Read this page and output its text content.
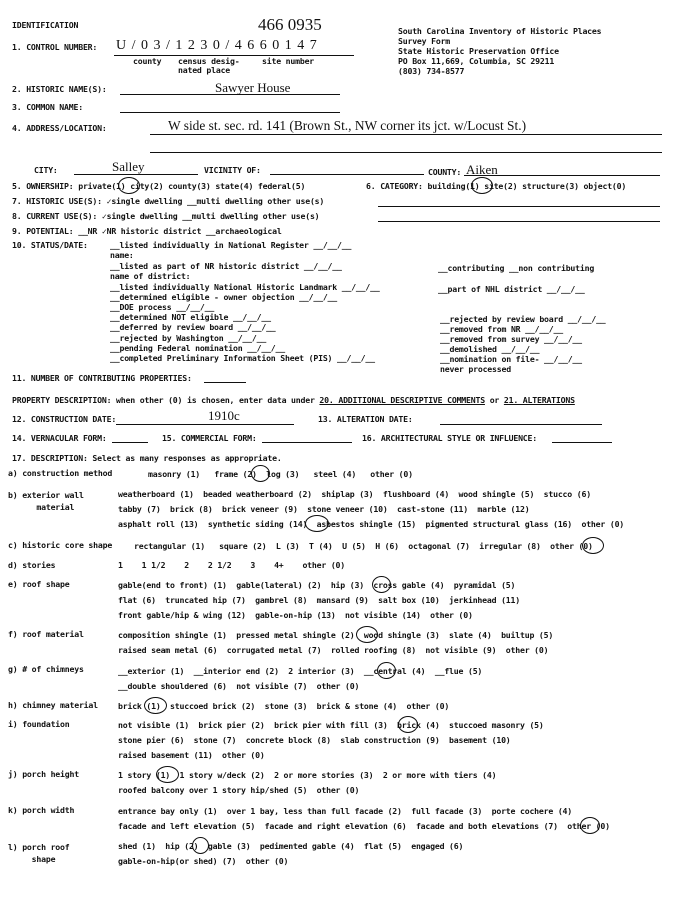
IDENTIFICATION	466 0935
1. CONTROL NUMBER: U / 0 3 / 1 2 3 0 / 4 6 6 0 1 4 7
county census desig-
nated place
site number
South Carolina Inventory of Historic Places
Survey Form
State Historic Preservation Office
PO Box 11,669, Columbia, SC 29211
(803) 734-8577
2. HISTORIC NAME(S):	Sawyer House
3. COMMON NAME:
4. ADDRESS/LOCATION:	W side st. sec. rd. 141 (Brown St., NW corner its jct. w/Locust St.)
CITY:	Salley	VICINITY OF:	COUNTY: Aiken
5. OWNERSHIP: private(1) city(2) county(3) state(4) federal(5)	6. CATEGORY: building(1) site(2) structure(3) object(0)
7. HISTORIC USE(S): ✓single dwelling __multi dwelling other use(s)
8. CURRENT USE(S): ✓single dwelling __multi dwelling other use(s)
9. POTENTIAL: __NR ✓NR historic district __archaeological
10. STATUS/DATE:	__listed individually in National Register __/__/__
name:
__listed as part of NR historic district __/__/__
name of district:
__listed individually National Historic Landmark __/__/__
__determined eligible - owner objection __/__/__
__DOE process __/__/__
__determined NOT eligible __/__/__
__deferred by review board __/__/__
__rejected by Washington __/__/__
__pending Federal nomination __/__/__
__completed Preliminary Information Sheet (PIS) __/__/__
__contributing __non contributing
__part of NHL district __/__/__
__rejected by review board __/__/__
__removed from NR __/__/__
__removed from survey __/__/__
__demolished __/__/__
__nomination on file- __/__/__
never processed
11. NUMBER OF CONTRIBUTING PROPERTIES:
PROPERTY DESCRIPTION: when other (0) is chosen, enter data under 20. ADDITIONAL DESCRIPTIVE COMMENTS or 21. ALTERATIONS
12. CONSTRUCTION DATE:	1910c	13. ALTERATION DATE:
14. VERNACULAR FORM:	15. COMMERCIAL FORM:	16. ARCHITECTURAL STYLE OR INFLUENCE:
17. DESCRIPTION: Select as many responses as appropriate.
a) construction method	masonry (1)   frame (2)  log (3)   steel (4)   other (0)
b) exterior wall
material
weatherboard (1)  beaded weatherboard (2)  shiplap (3)  flushboard (4)  wood shingle (5)  stucco (6)
tabby (7)  brick (8)  brick veneer (9)  stone veneer (10)  cast-stone (11)  marble (12)
asphalt roll (13)  synthetic siding (14)  asbestos shingle (15)  pigmented structural glass (16)  other (0)
c) historic core shape	rectangular (1)   square (2)  L (3)  T (4)  U (5)  H (6)  octagonal (7)  irregular (8)  other (0)
d) stories	1    1 1/2    2    2 1/2    3    4+    other (0)
e) roof shape	gable(end to front) (1)  gable(lateral) (2)  hip (3)  cross gable (4)  pyramidal (5)
flat (6)  truncated hip (7)  gambrel (8)  mansard (9)  salt box (10)  jerkinhead (11)
front gable/hip & wing (12)  gable-on-hip (13)  not visible (14)  other (0)
f) roof material	composition shingle (1)  pressed metal shingle (2)  wood shingle (3)  slate (4)  builtup (5)
raised seam metal (6)  corrugated metal (7)  rolled roofing (8)  not visible (9)  other (0)
g) # of chimneys	__exterior (1)  __interior end (2)  2 interior (3)  __central (4)  __flue (5)
__double shouldered (6)  not visible (7)  other (0)
h) chimney material brick (1)  stuccoed brick (2)  stone (3)  brick & stone (4)  other (0)
i) foundation	not visible (1)  brick pier (2)  brick pier with fill (3)  brick (4)  stuccoed masonry (5)
stone pier (6)  stone (7)  concrete block (8)  slab construction (9)  basement (10)
raised basement (11)  other (0)
j) porch height	1 story (1)  1 story w/deck (2)  2 or more stories (3)  2 or more with tiers (4)
roofed balcony over 1 story hip/shed (5)  other (0)
k) porch width	entrance bay only (1)  over 1 bay, less than full facade (2)  full facade (3)  porte cochere (4)
facade and left elevation (5)  facade and right elevation (6)  facade and both elevations (7)  other (0)
l) porch roof
shape
shed (1)  hip (2)  gable (3)  pedimented gable (4)  flat (5)  engaged (6)
gable-on-hip(or shed) (7)  other (0)
